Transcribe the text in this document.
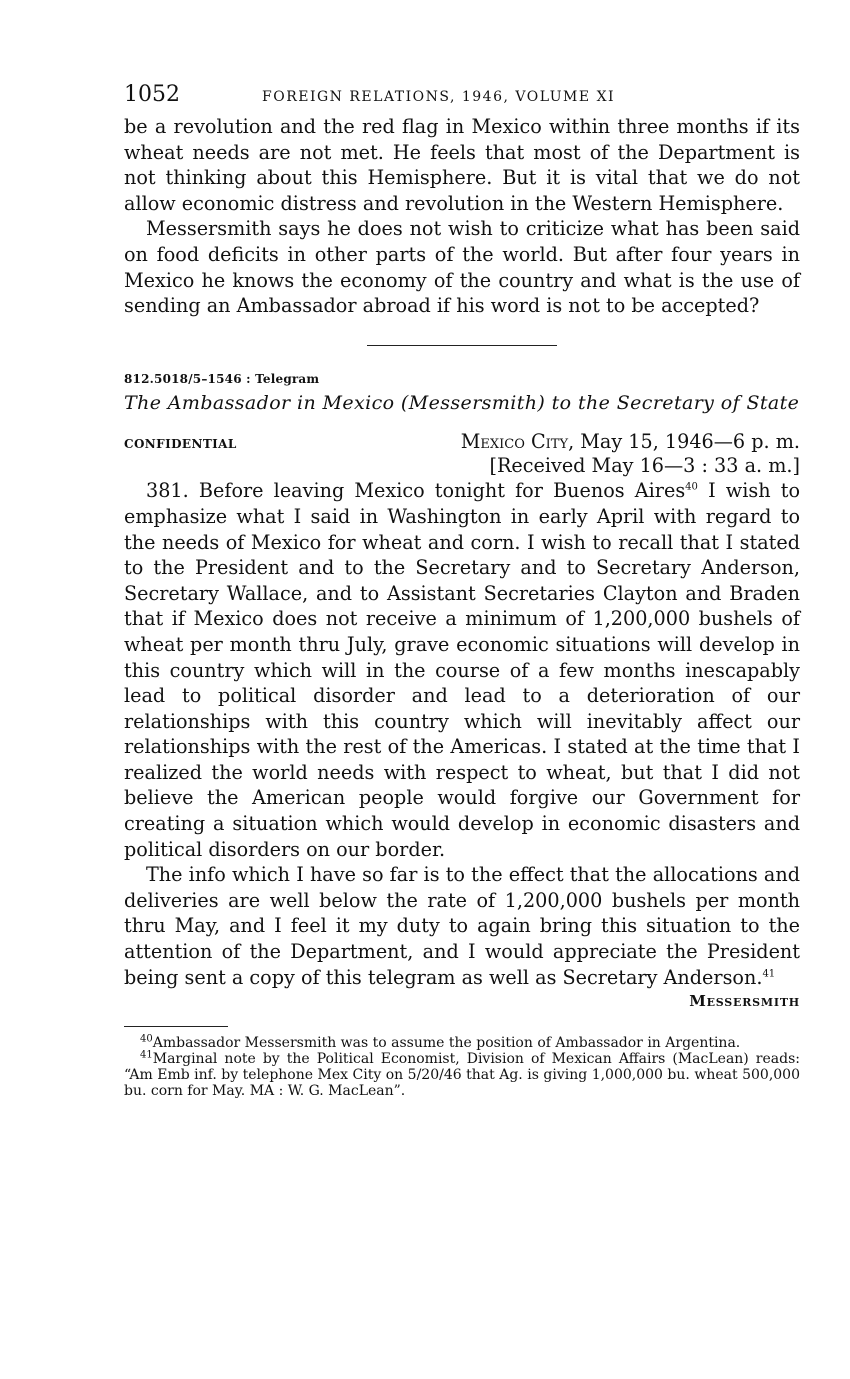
1052	FOREIGN RELATIONS, 1946, VOLUME XI

be a revolution and the red flag in Mexico within three months if its wheat needs are not met. He feels that most of the Department is not thinking about this Hemisphere. But it is vital that we do not allow economic distress and revolution in the Western Hemisphere.

Messersmith says he does not wish to criticize what has been said on food deficits in other parts of the world. But after four years in Mexico he knows the economy of the country and what is the use of sending an Ambassador abroad if his word is not to be accepted?

812.5018/5–1546 : Telegram

The Ambassador in Mexico (Messersmith) to the Secretary of State

CONFIDENTIAL	Mexico City, May 15, 1946—6 p. m.
[Received May 16—3 : 33 a. m.]

381. Before leaving Mexico tonight for Buenos Aires$^{40}$ I wish to emphasize what I said in Washington in early April with regard to the needs of Mexico for wheat and corn. I wish to recall that I stated to the President and to the Secretary and to Secretary Anderson, Secretary Wallace, and to Assistant Secretaries Clayton and Braden that if Mexico does not receive a minimum of 1,200,000 bushels of wheat per month thru July, grave economic situations will develop in this country which will in the course of a few months inescapably lead to political disorder and lead to a deterioration of our relationships with this country which will inevitably affect our relationships with the rest of the Americas. I stated at the time that I realized the world needs with respect to wheat, but that I did not believe the American people would forgive our Government for creating a situation which would develop in economic disasters and political disorders on our border.

The info which I have so far is to the effect that the allocations and deliveries are well below the rate of 1,200,000 bushels per month thru May, and I feel it my duty to again bring this situation to the attention of the Department, and I would appreciate the President being sent a copy of this telegram as well as Secretary Anderson.$^{41}$

Messersmith

$^{40}$Ambassador Messersmith was to assume the position of Ambassador in Argentina.

$^{41}$Marginal note by the Political Economist, Division of Mexican Affairs (MacLean) reads: “Am Emb inf. by telephone Mex City on 5/20/46 that Ag. is giving 1,000,000 bu. wheat 500,000 bu. corn for May. MA : W. G. MacLean”.
